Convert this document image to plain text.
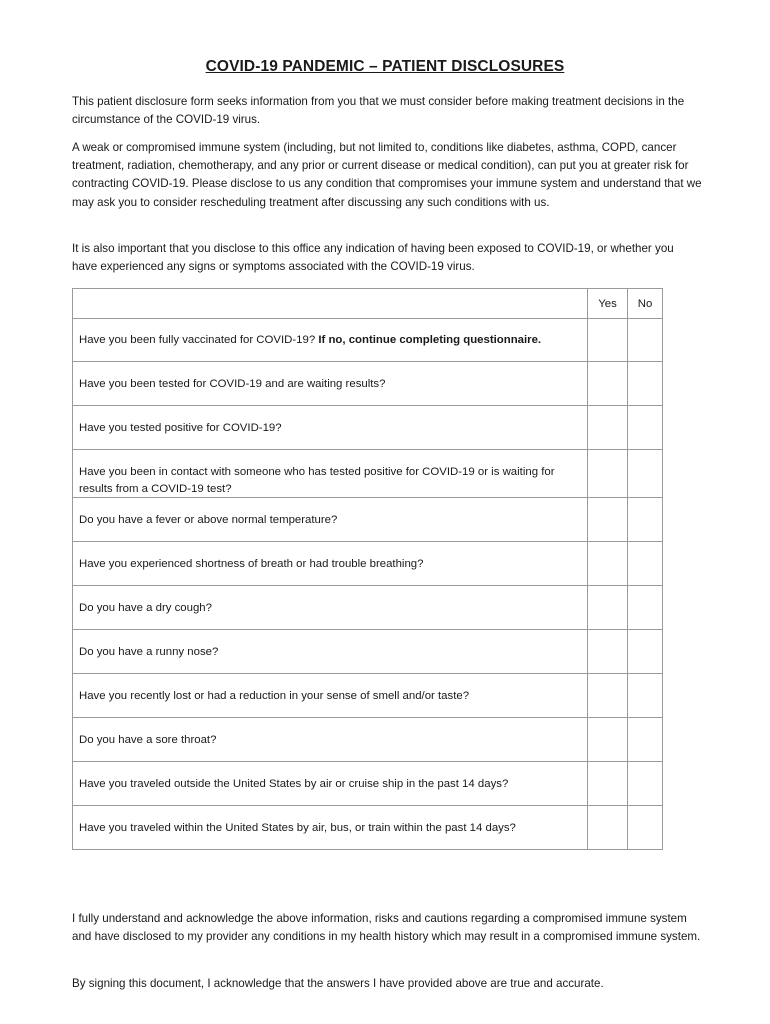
COVID-19 PANDEMIC – PATIENT DISCLOSURES

This patient disclosure form seeks information from you that we must consider before making treatment decisions in the circumstance of the COVID-19 virus.

A weak or compromised immune system (including, but not limited to, conditions like diabetes, asthma, COPD, cancer treatment, radiation, chemotherapy, and any prior or current disease or medical condition), can put you at greater risk for contracting COVID-19. Please disclose to us any condition that compromises your immune system and understand that we may ask you to consider rescheduling treatment after discussing any such conditions with us.

It is also important that you disclose to this office any indication of having been exposed to COVID-19, or whether you have experienced any signs or symptoms associated with the COVID-19 virus.

	Yes	No
Have you been fully vaccinated for COVID-19? If no, continue completing questionnaire.		
Have you been tested for COVID-19 and are waiting results?		
Have you tested positive for COVID-19?		
Have you been in contact with someone who has tested positive for COVID-19 or is waiting for results from a COVID-19 test?		
Do you have a fever or above normal temperature?		
Have you experienced shortness of breath or had trouble breathing?		
Do you have a dry cough?		
Do you have a runny nose?		
Have you recently lost or had a reduction in your sense of smell and/or taste?		
Do you have a sore throat?		
Have you traveled outside the United States by air or cruise ship in the past 14 days?		
Have you traveled within the United States by air, bus, or train within the past 14 days?		

I fully understand and acknowledge the above information, risks and cautions regarding a compromised immune system and have disclosed to my provider any conditions in my health history which may result in a compromised immune system.

By signing this document, I acknowledge that the answers I have provided above are true and accurate.
